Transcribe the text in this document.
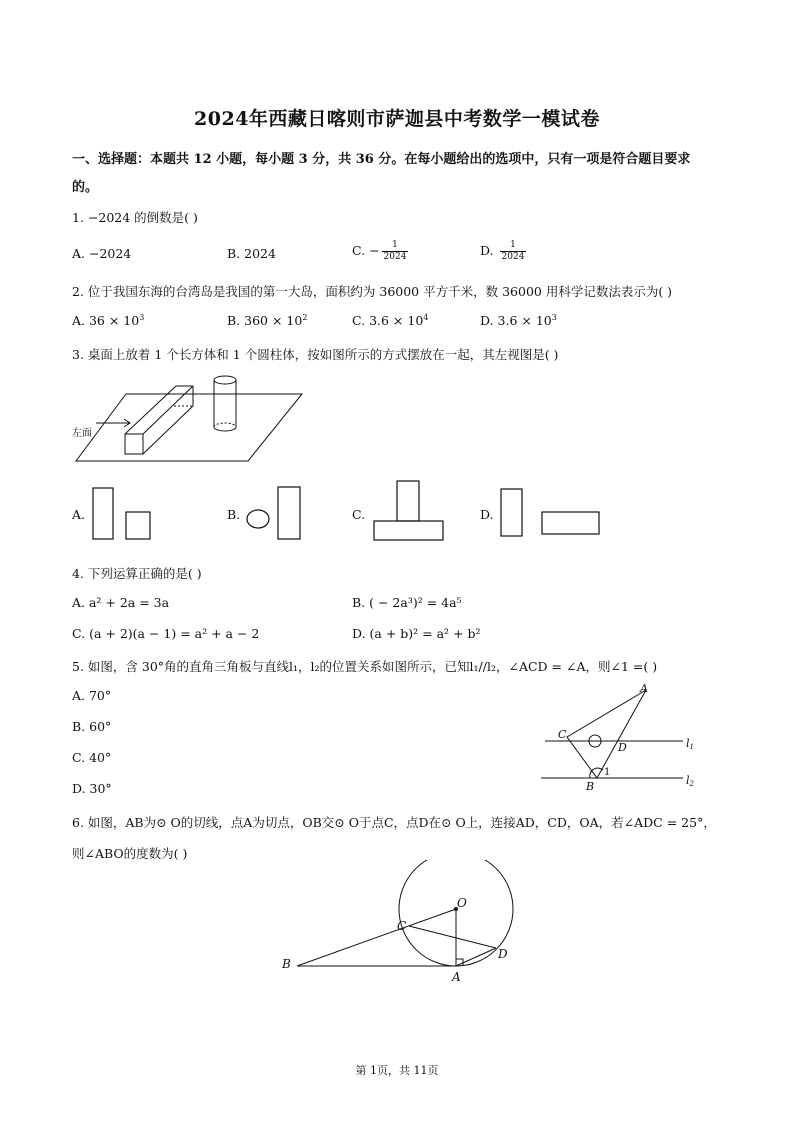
2024年西藏日喀则市萨迦县中考数学一模试卷
一、选择题：本题共 12 小题，每小题 3 分，共 36 分。在每小题给出的选项中，只有一项是符合题目要求
的。
1. −2024 的倒数是( )
A. −2024	B. 2024	C. − $\frac{1}{2024}$	D. $\frac{1}{2024}$
2. 位于我国东海的台湾岛是我国的第一大岛，面积约为 36000 平方千米，数 36000 用科学记数法表示为( )
A. $36 \times 10^3$	B. $360 \times 10^2$	C. $3.6 \times 10^4$	D. $3.6 \times 10^3$
3. 桌面上放着 1 个长方体和 1 个圆柱体，按如图所示的方式摆放在一起，其左视图是( )
左面
A.	B.	C.	D.
4. 下列运算正确的是( )
A. a² + 2a = 3a	B. ( − 2a³)² = 4a⁵
C. (a + 2)(a − 1) = a² + a − 2	D. (a + b)² = a² + b²
5. 如图，含 30°角的直角三角板与直线l₁，l₂的位置关系如图所示，已知l₁//l₂，∠ACD = ∠A，则∠1 =( )
A. 70°
B. 60°
C. 40°
D. 30°
A
C
D
B
l1
l2
1
6. 如图，AB为⊙ O的切线，点A为切点，OB交⊙ O于点C，点D在⊙ O上，连接AD，CD，OA，若∠ADC = 25°，
则∠ABO的度数为( )
O
C
B
A
D
第 1页，共 11页
